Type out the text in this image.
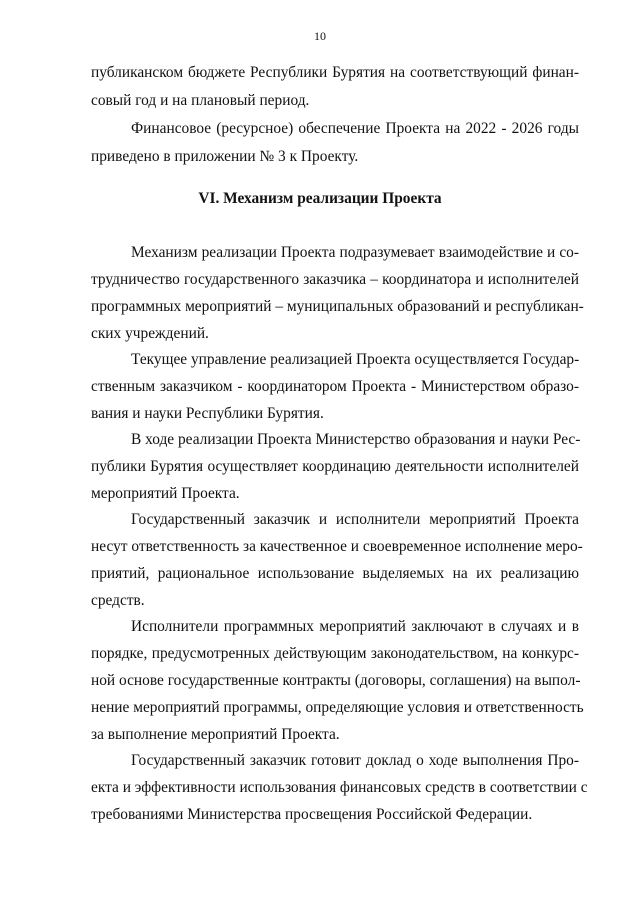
10
публиканском бюджете Республики Бурятия на соответствующий финан-
совый год и на плановый период.
Финансовое (ресурсное) обеспечение Проекта на 2022 - 2026 годы
приведено в приложении № 3 к Проекту.
VI. Механизм реализации Проекта
Механизм реализации Проекта подразумевает взаимодействие и со-
трудничество государственного заказчика – координатора и исполнителей
программных мероприятий – муниципальных образований и республикан-
ских учреждений.
Текущее управление реализацией Проекта осуществляется Государ-
ственным заказчиком - координатором Проекта - Министерством образо-
вания и науки Республики Бурятия.
В ходе реализации Проекта Министерство образования и науки Рес-
публики Бурятия осуществляет координацию деятельности исполнителей
мероприятий Проекта.
Государственный заказчик и исполнители мероприятий Проекта
несут ответственность за качественное и своевременное исполнение меро-
приятий, рациональное использование выделяемых на их реализацию
средств.
Исполнители программных мероприятий заключают в случаях и в
порядке, предусмотренных действующим законодательством, на конкурс-
ной основе государственные контракты (договоры, соглашения) на выпол-
нение мероприятий программы, определяющие условия и ответственность
за выполнение мероприятий Проекта.
Государственный заказчик готовит доклад о ходе выполнения Про-
екта и эффективности использования финансовых средств в соответствии с
требованиями Министерства просвещения Российской Федерации.
